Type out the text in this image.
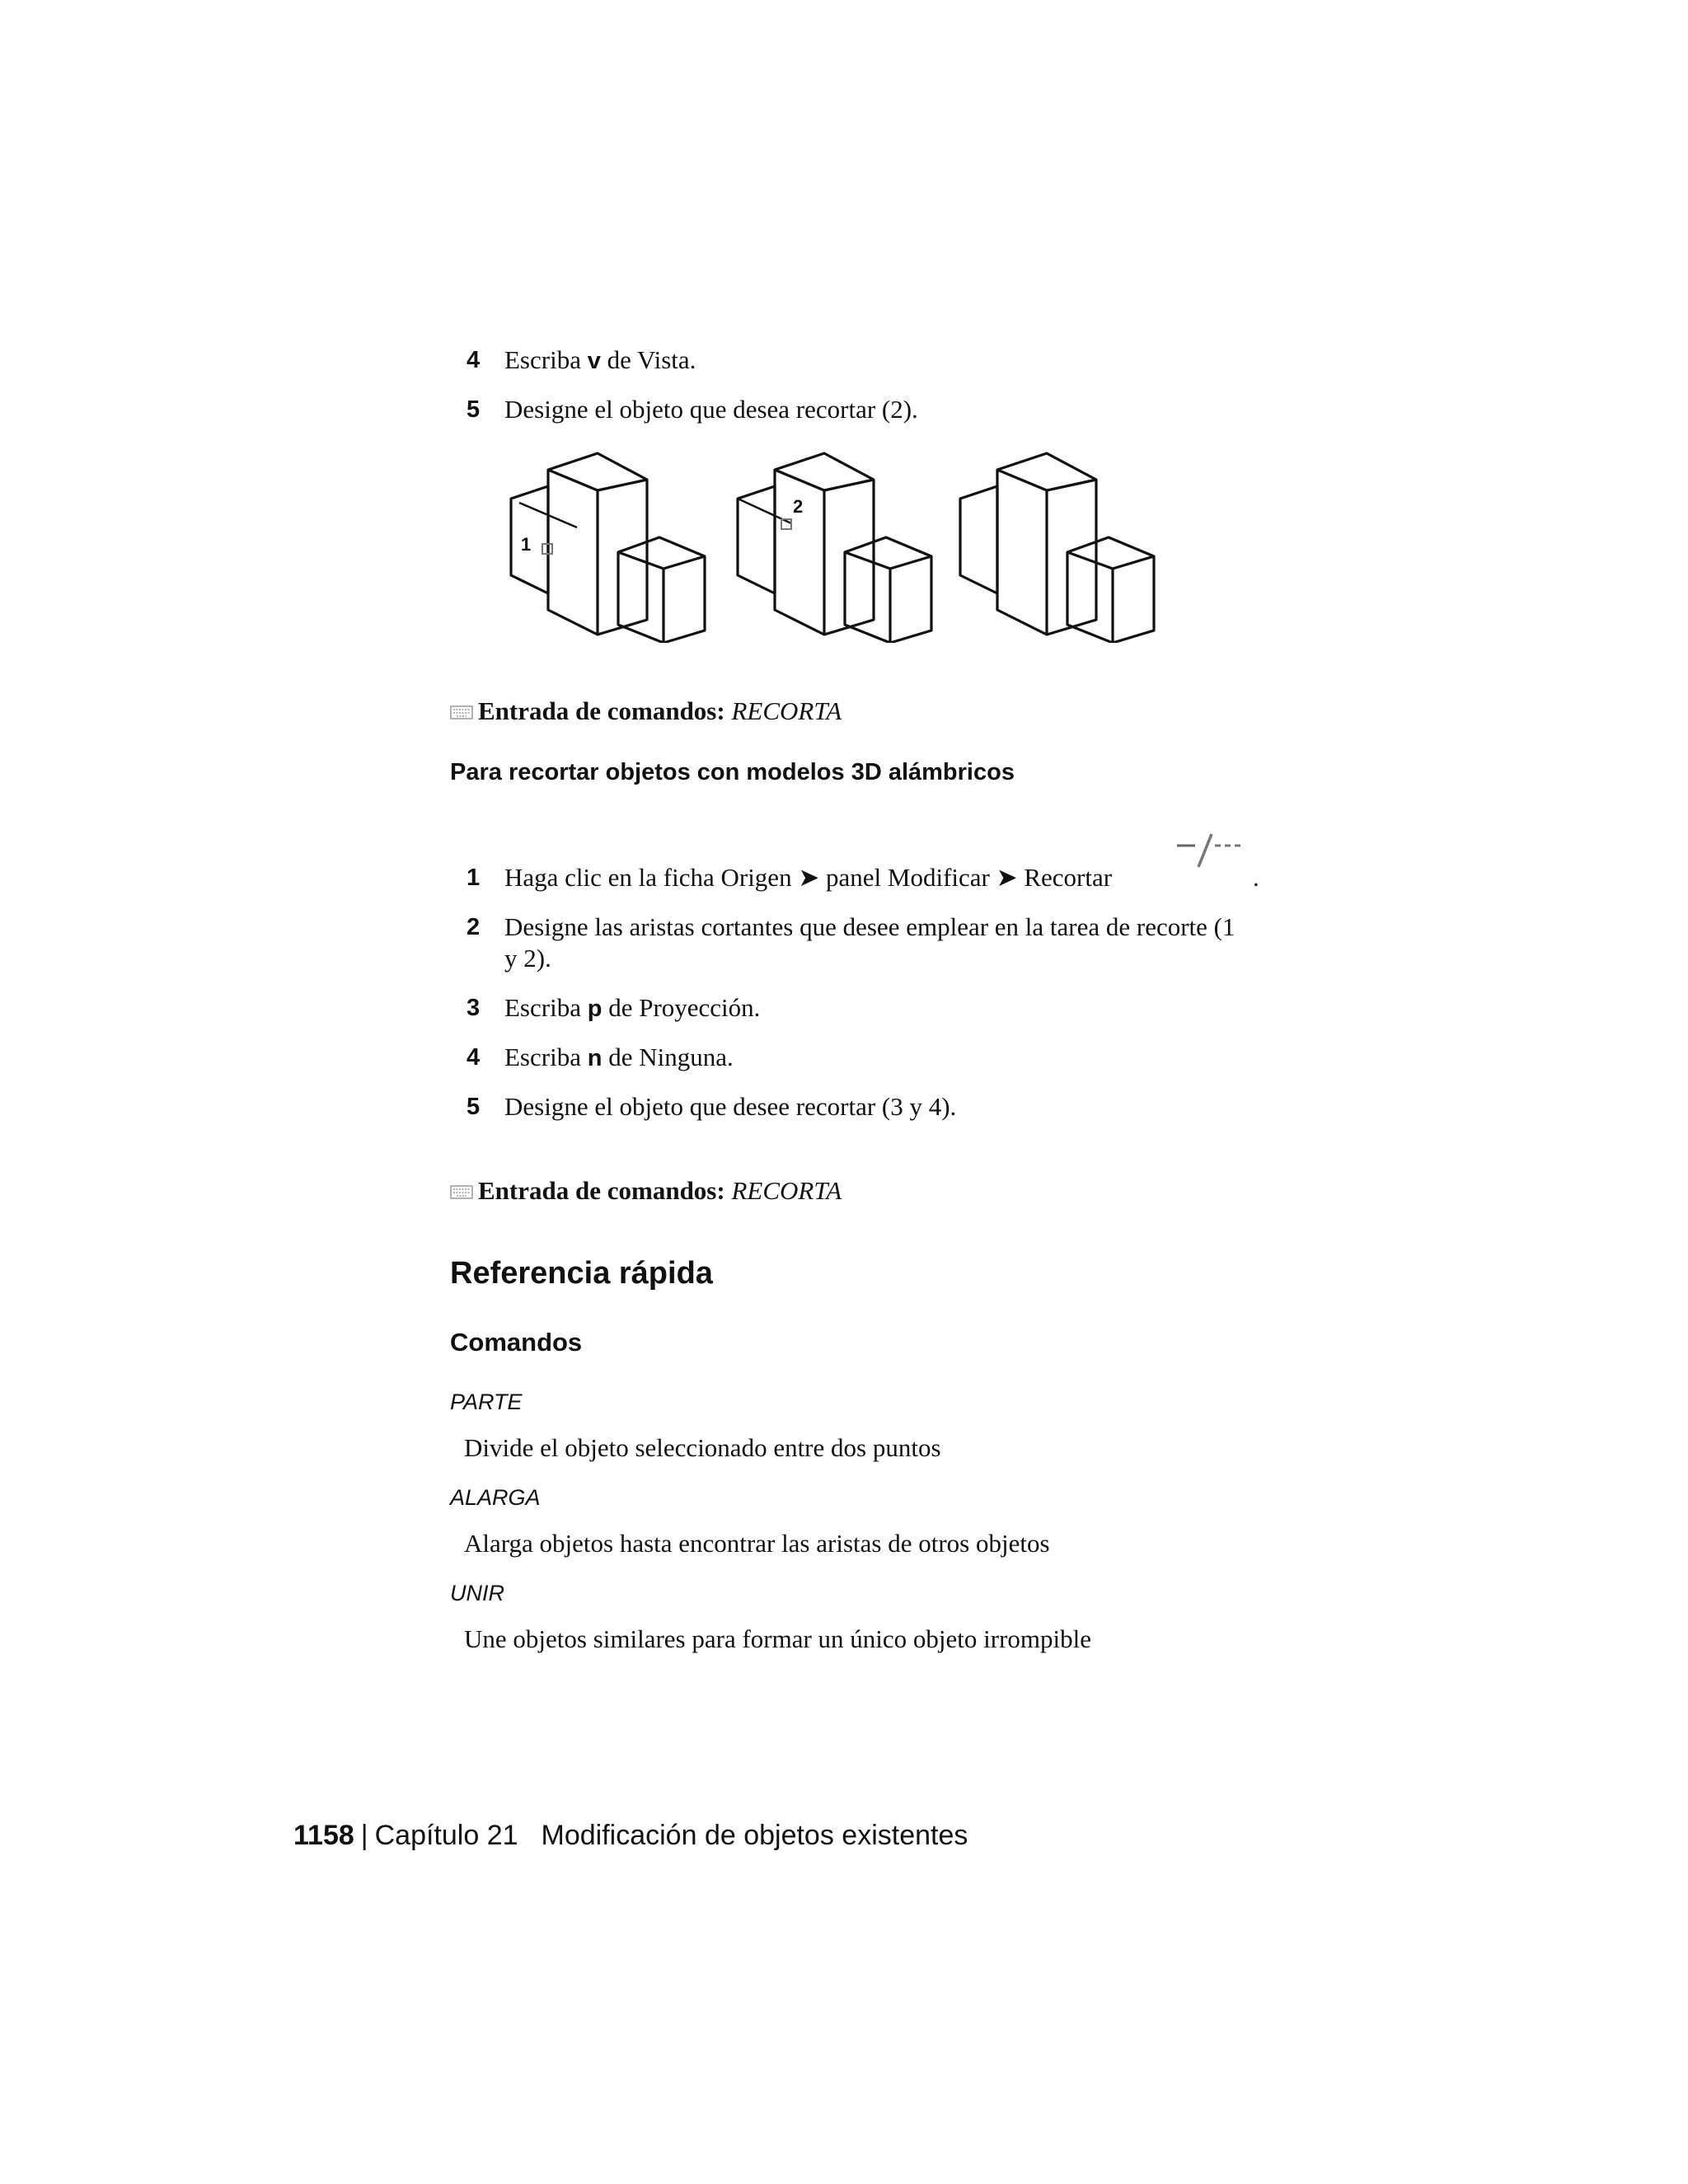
4 Escriba v de Vista.
5 Designe el objeto que desea recortar (2).
1
2
Entrada de comandos: RECORTA
Para recortar objetos con modelos 3D alámbricos
1 Haga clic en la ficha Origen ➤ panel Modificar ➤ Recortar	.
2 Designe las aristas cortantes que desee emplear en la tarea de recorte (1
y 2).
3 Escriba p de Proyección.
4 Escriba n de Ninguna.
5 Designe el objeto que desee recortar (3 y 4).
Entrada de comandos: RECORTA
Referencia rápida
Comandos
PARTE
Divide el objeto seleccionado entre dos puntos
ALARGA
Alarga objetos hasta encontrar las aristas de otros objetos
UNIR
Une objetos similares para formar un único objeto irrompible
1158 | Capítulo 21 Modificación de objetos existentes
